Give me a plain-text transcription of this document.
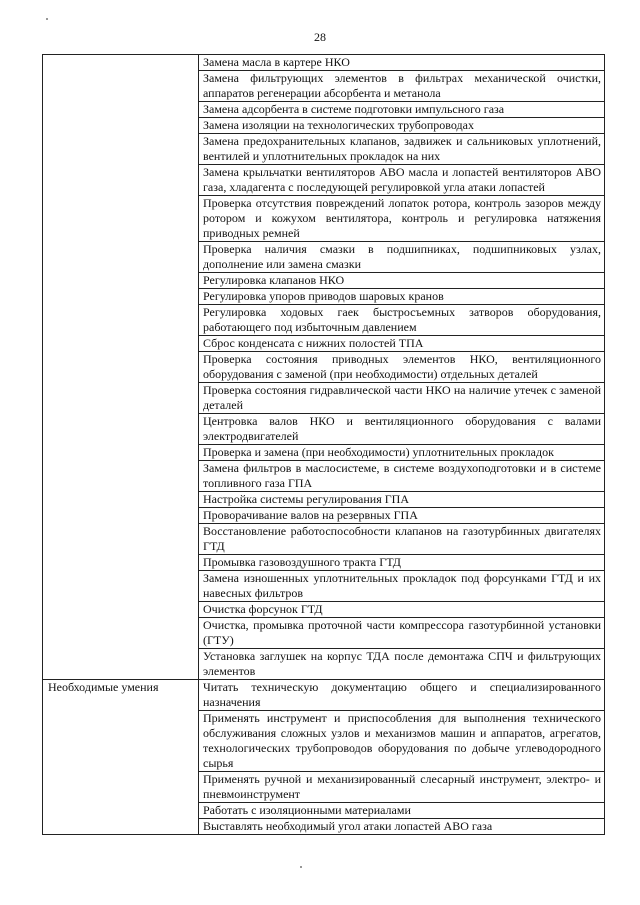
28
	Замена масла в картере НКО
	Замена фильтрующих элементов в фильтрах механической очистки, аппаратов регенерации абсорбента и метанола
	Замена адсорбента в системе подготовки импульсного газа
	Замена изоляции на технологических трубопроводах
	Замена предохранительных клапанов, задвижек и сальниковых уплотнений, вентилей и уплотнительных прокладок на них
	Замена крыльчатки вентиляторов АВО масла и лопастей вентиляторов АВО газа, хладагента с последующей регулировкой угла атаки лопастей
	Проверка отсутствия повреждений лопаток ротора, контроль зазоров между ротором и кожухом вентилятора, контроль и регулировка натяжения приводных ремней
	Проверка наличия смазки в подшипниках, подшипниковых узлах, дополнение или замена смазки
	Регулировка клапанов НКО
	Регулировка упоров приводов шаровых кранов
	Регулировка ходовых гаек быстросъемных затворов оборудования, работающего под избыточным давлением
	Сброс конденсата с нижних полостей ТПА
	Проверка состояния приводных элементов НКО, вентиляционного оборудования с заменой (при необходимости) отдельных деталей
	Проверка состояния гидравлической части НКО на наличие утечек с заменой деталей
	Центровка валов НКО и вентиляционного оборудования с валами электродвигателей
	Проверка и замена (при необходимости) уплотнительных прокладок
	Замена фильтров в маслосистеме, в системе воздухоподготовки и в системе топливного газа ГПА
	Настройка системы регулирования ГПА
	Проворачивание валов на резервных ГПА
	Восстановление работоспособности клапанов на газотурбинных двигателях ГТД
	Промывка газовоздушного тракта ГТД
	Замена изношенных уплотнительных прокладок под форсунками ГТД и их навесных фильтров
	Очистка форсунок ГТД
	Очистка, промывка проточной части компрессора газотурбинной установки (ГТУ)
	Установка заглушек на корпус ТДА после демонтажа СПЧ и фильтрующих элементов
Необходимые умения	Читать техническую документацию общего и специализированного назначения
	Применять инструмент и приспособления для выполнения технического обслуживания сложных узлов и механизмов машин и аппаратов, агрегатов, технологических трубопроводов оборудования по добыче углеводородного сырья
	Применять ручной и механизированный слесарный инструмент, электро- и пневмоинструмент
	Работать с изоляционными материалами
	Выставлять необходимый угол атаки лопастей АВО газа
